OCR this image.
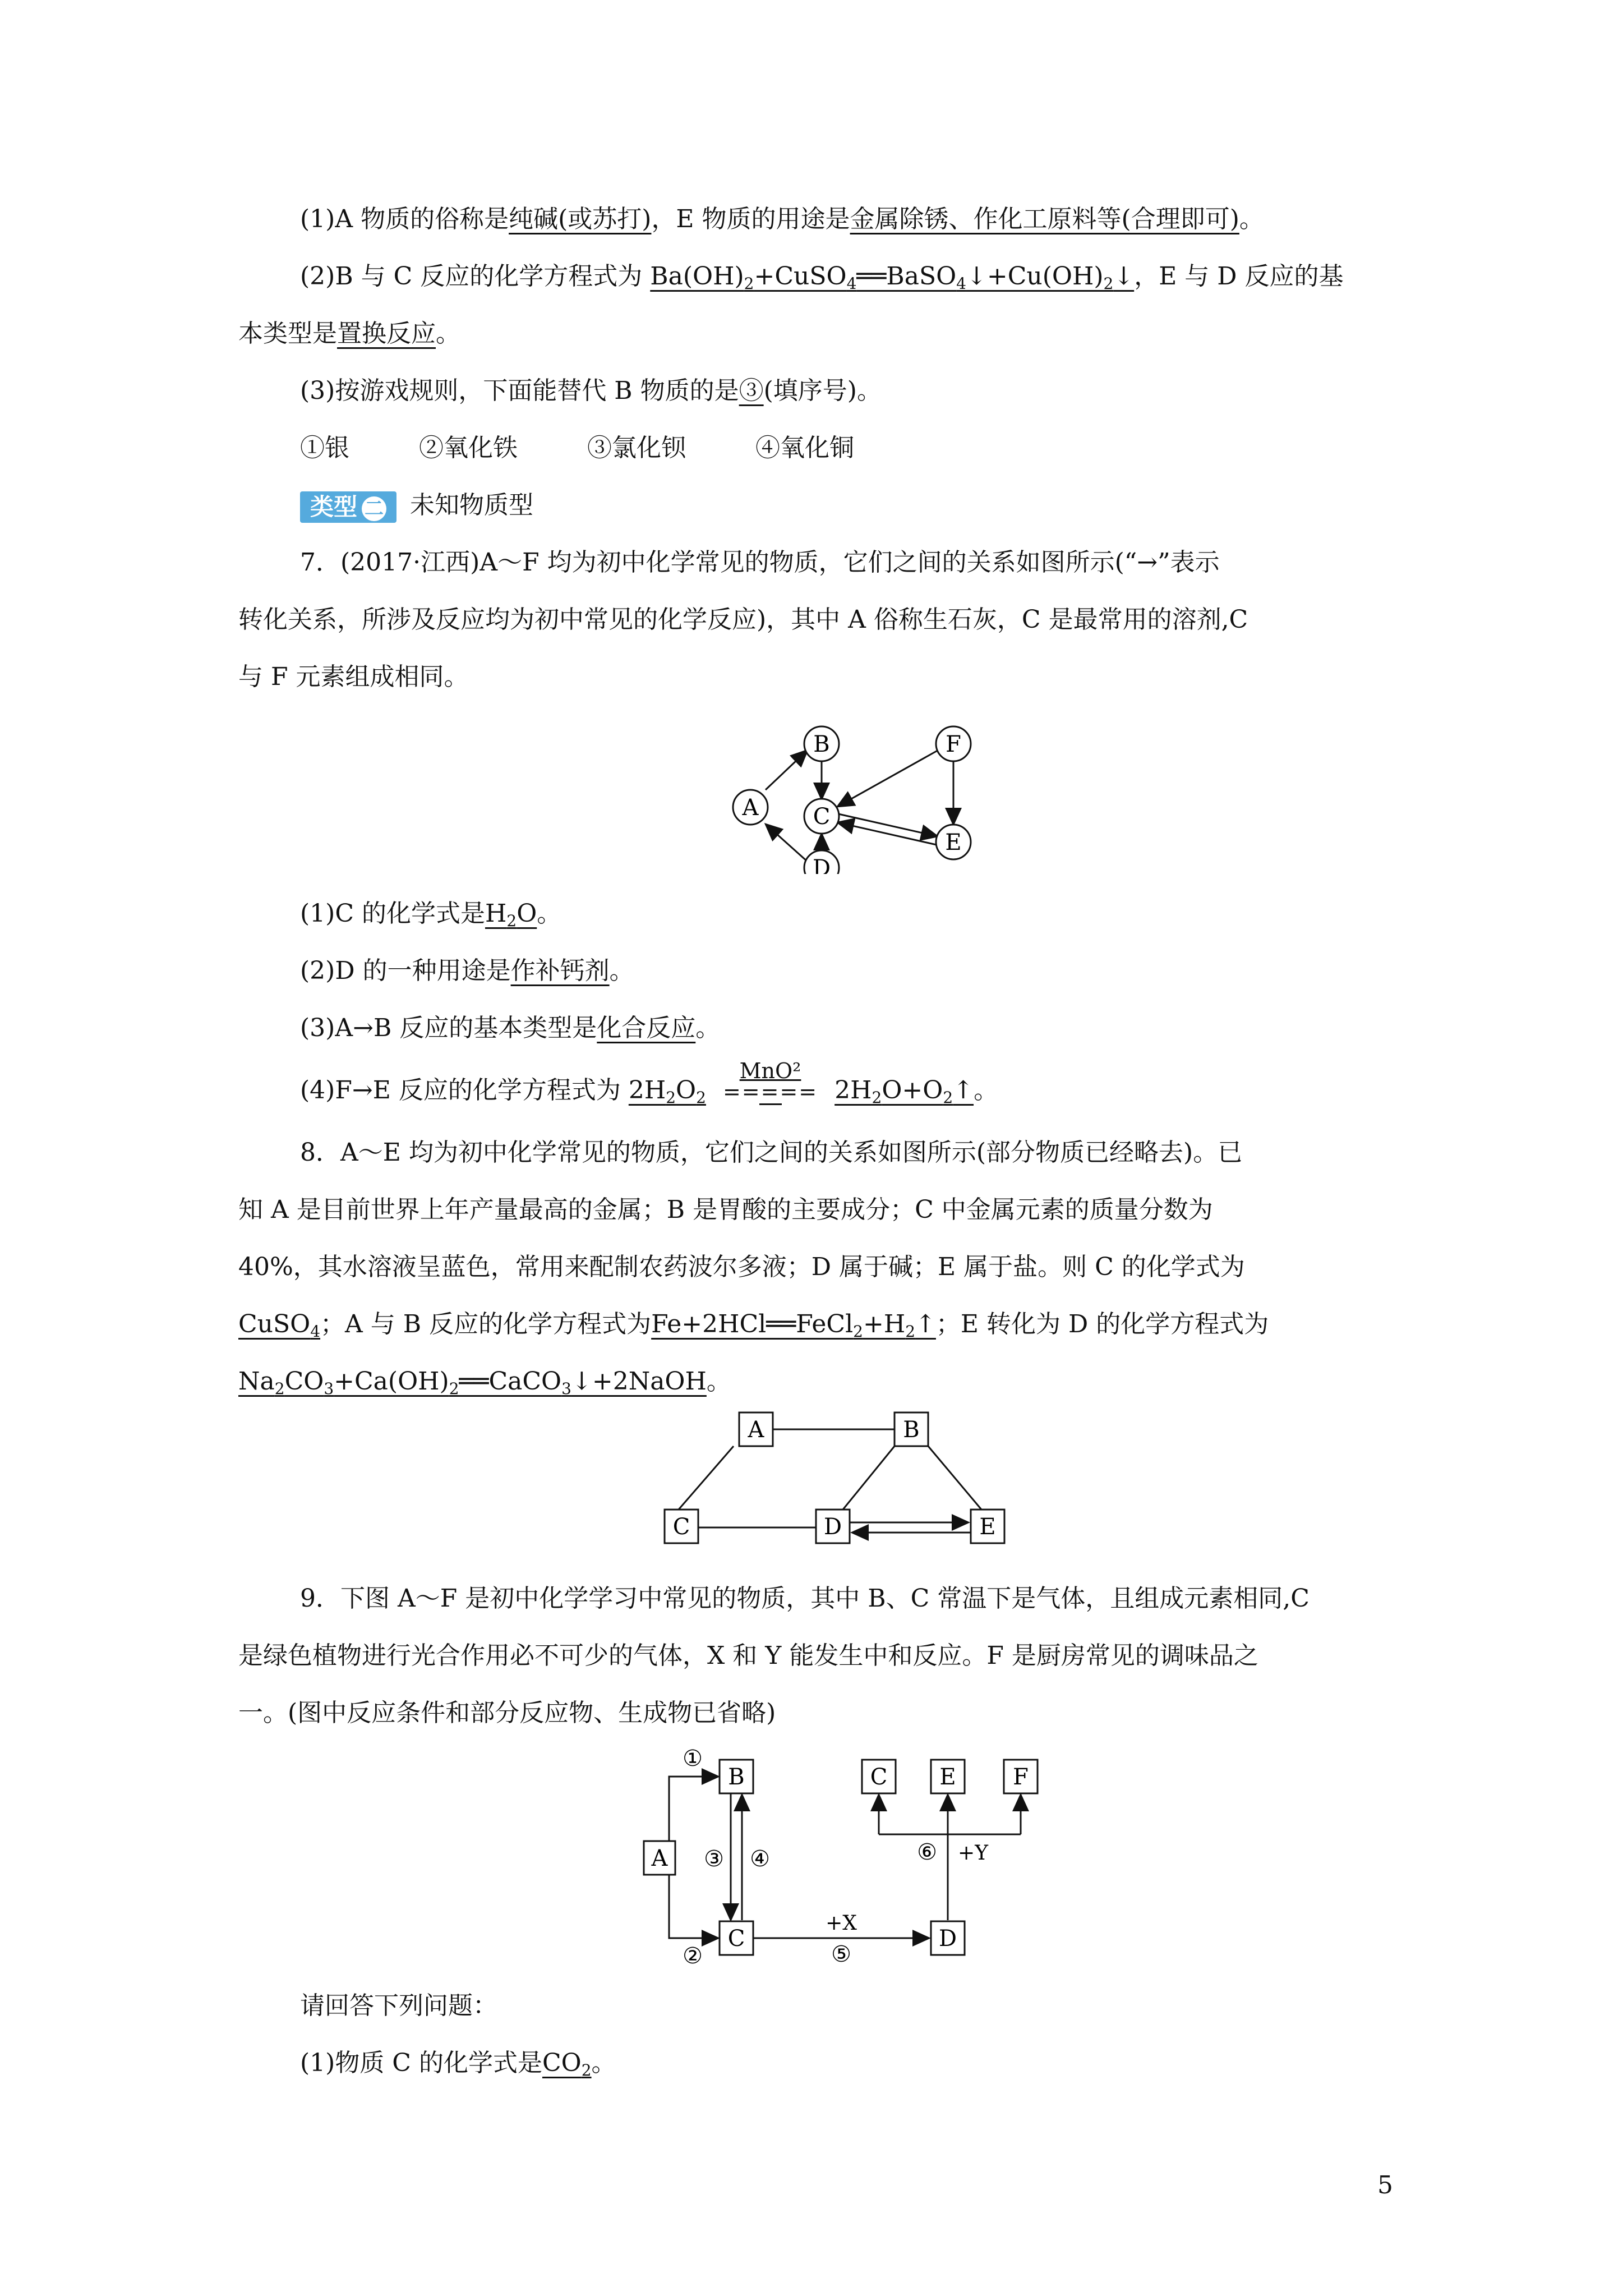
(1)A 物质的俗称是纯碱(或苏打)，E 物质的用途是金属除锈、作化工原料等(合理即可)。
(2)B 与 C 反应的化学方程式为 $Ba(OH)_2+CuSO_4══BaSO_4↓+Cu(OH)_2↓$，E 与 D 反应的基
本类型是置换反应。
(3)按游戏规则，下面能替代 B 物质的是③(填序号)。
①银	②氧化铁	③氯化钡	④氧化铜
类型 二 未知物质型
7．(2017·江西)A～F 均为初中化学常见的物质，它们之间的关系如图所示(“→”表示
转化关系，所涉及反应均为初中常见的化学反应)，其中 A 俗称生石灰，C 是最常用的溶剂,C
与 F 元素组成相同。
A
B
C
D
E
F
(1)C 的化学式是$H_2O$。
(2)D 的一种用途是作补钙剂。
(3)A→B 反应的基本类型是化合反应。
(4)F→E 反应的化学方程式为 $2H_2O_2$
MnO²
===== $2H_2O+O_2↑$。
8．A～E 均为初中化学常见的物质，它们之间的关系如图所示(部分物质已经略去)。已
知 A 是目前世界上年产量最高的金属；B 是胃酸的主要成分；C 中金属元素的质量分数为
40%，其水溶液呈蓝色，常用来配制农药波尔多液；D 属于碱；E 属于盐。则 C 的化学式为
CuSO$_4$；A 与 B 反应的化学方程式为$Fe+2HCl══FeCl_2+H_2↑$；E 转化为 D 的化学方程式为
$Na_2CO_3+Ca(OH)_2══CaCO_3↓+2NaOH$。
A	B
C	D	E
9．下图 A～F 是初中化学学习中常见的物质，其中 B、C 常温下是气体，且组成元素相同,C
是绿色植物进行光合作用必不可少的气体，X 和 Y 能发生中和反应。F 是厨房常见的调味品之
一。(图中反应条件和部分反应物、生成物已省略)
①
②
③ ④
⑤
⑥
+X
+Y
A
B
C	D
C E	F
请回答下列问题：
(1)物质 C 的化学式是$CO_2$。
5
